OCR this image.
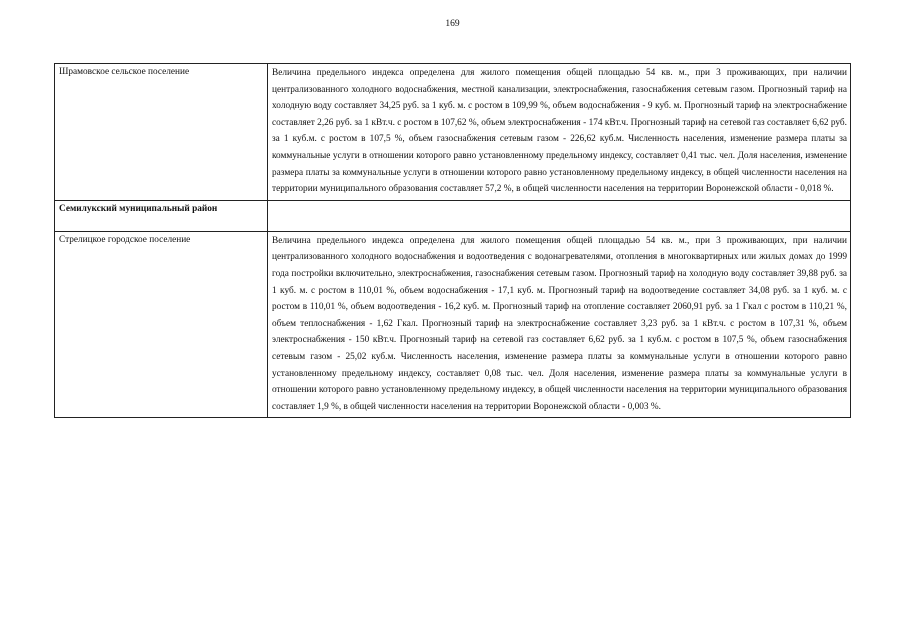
169
Шрамовское сельское поселение	Величина предельного индекса определена для жилого помещения общей площадью 54 кв. м., при 3 проживающих, при наличии централизованного холодного водоснабжения, местной канализации, электроснабжения, газоснабжения сетевым газом. Прогнозный тариф на холодную воду составляет 34,25 руб. за 1 куб. м. с ростом в 109,99 %, объем водоснабжения - 9 куб. м. Прогнозный тариф на электроснабжение составляет 2,26 руб. за 1 кВт.ч. с ростом в 107,62 %, объем электроснабжения - 174 кВт.ч. Прогнозный тариф на сетевой газ составляет 6,62 руб. за 1 куб.м. с ростом в 107,5 %, объем газоснабжения сетевым газом - 226,62 куб.м. Численность населения, изменение размера платы за коммунальные услуги в отношении которого равно установленному предельному индексу, составляет 0,41 тыс. чел. Доля населения, изменение размера платы за коммунальные услуги в отношении которого равно установленному предельному индексу, в общей численности населения на территории муниципального образования составляет 57,2 %, в общей численности населения на территории Воронежской области - 0,018 %.
Семилукский муниципальный район	
Стрелицкое городское поселение	Величина предельного индекса определена для жилого помещения общей площадью 54 кв. м., при 3 проживающих, при наличии централизованного холодного водоснабжения и водоотведения с водонагревателями, отопления в многоквартирных или жилых домах до 1999 года постройки включительно, электроснабжения, газоснабжения сетевым газом. Прогнозный тариф на холодную воду составляет 39,88 руб. за 1 куб. м. с ростом в 110,01 %, объем водоснабжения - 17,1 куб. м. Прогнозный тариф на водоотведение составляет 34,08 руб. за 1 куб. м. с ростом в 110,01 %, объем водоотведения - 16,2 куб. м. Прогнозный тариф на отопление составляет 2060,91 руб. за 1 Гкал с ростом в 110,21 %, объем теплоснабжения - 1,62 Гкал. Прогнозный тариф на электроснабжение составляет 3,23 руб. за 1 кВт.ч. с ростом в 107,31 %, объем электроснабжения - 150 кВт.ч. Прогнозный тариф на сетевой газ составляет 6,62 руб. за 1 куб.м. с ростом в 107,5 %, объем газоснабжения сетевым газом - 25,02 куб.м. Численность населения, изменение размера платы за коммунальные услуги в отношении которого равно установленному предельному индексу, составляет 0,08 тыс. чел. Доля населения, изменение размера платы за коммунальные услуги в отношении которого равно установленному предельному индексу, в общей численности населения на территории муниципального образования составляет 1,9 %, в общей численности населения на территории Воронежской области - 0,003 %.
